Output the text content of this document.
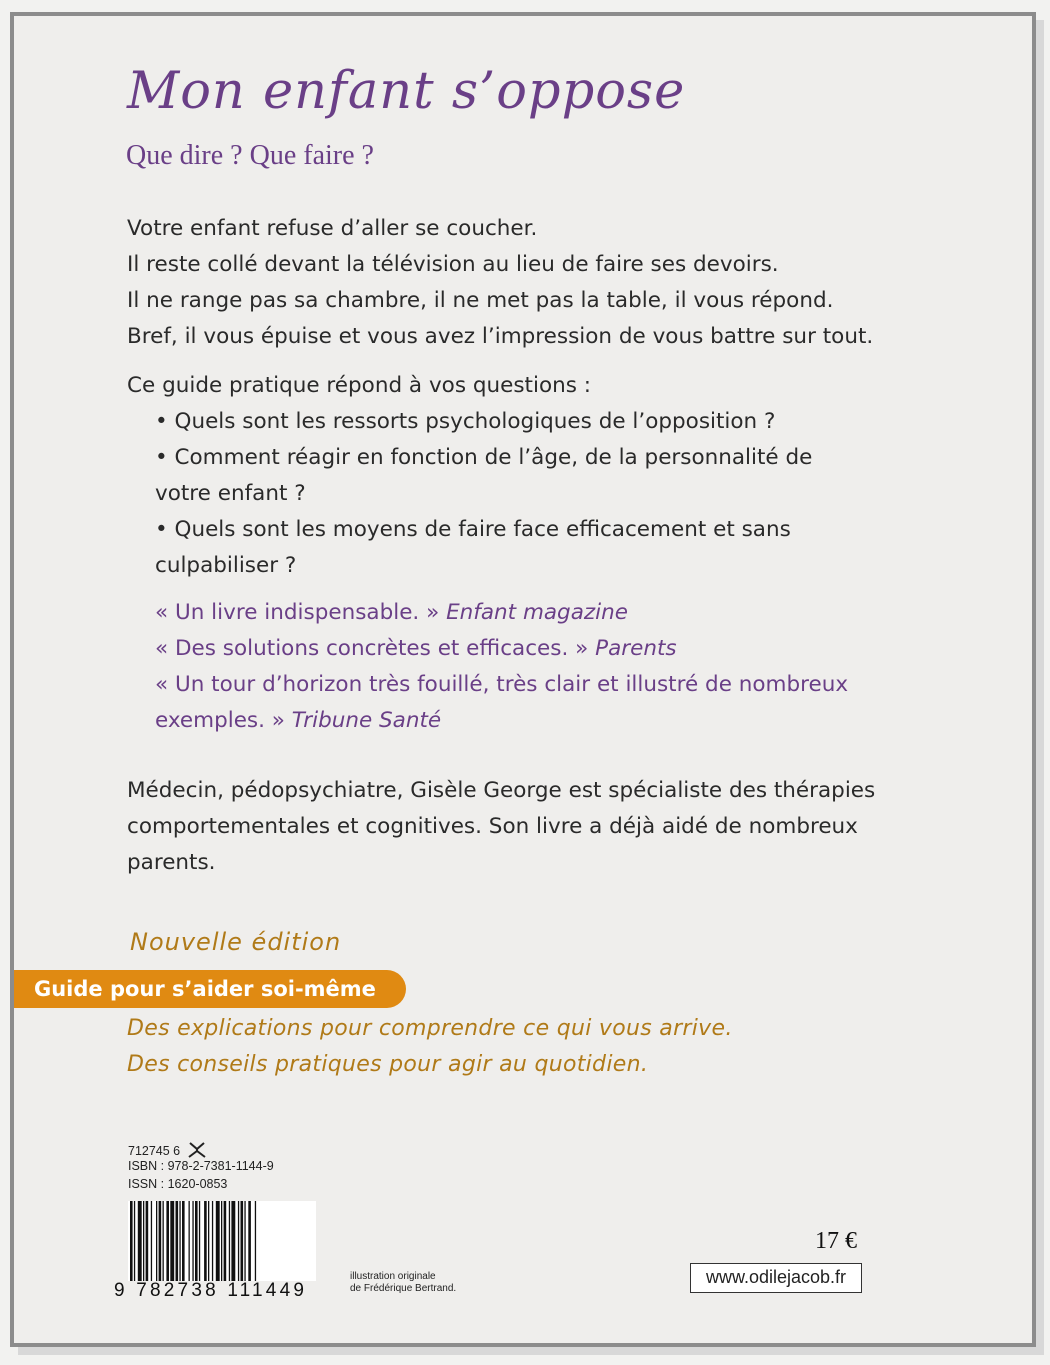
Mon enfant s’oppose
Que dire ? Que faire ?
Votre enfant refuse d’aller se coucher.
Il reste collé devant la télévision au lieu de faire ses devoirs.
Il ne range pas sa chambre, il ne met pas la table, il vous répond.
Bref, il vous épuise et vous avez l’impression de vous battre sur tout.
Ce guide pratique répond à vos questions :
• Quels sont les ressorts psychologiques de l’opposition ?
• Comment réagir en fonction de l’âge, de la personnalité de
votre enfant ?
• Quels sont les moyens de faire face efficacement et sans
culpabiliser ?
« Un livre indispensable. » Enfant magazine
« Des solutions concrètes et efficaces. » Parents
« Un tour d’horizon très fouillé, très clair et illustré de nombreux
exemples. » Tribune Santé
Médecin, pédopsychiatre, Gisèle George est spécialiste des thérapies
comportementales et cognitives. Son livre a déjà aidé de nombreux
parents.
Nouvelle édition
Guide pour s’aider soi-même
Des explications pour comprendre ce qui vous arrive.
Des conseils pratiques pour agir au quotidien.
712745 6
ISBN : 978-2-7381-1144-9
ISSN : 1620-0853
9 782738 111449
illustration originale
de Frédérique Bertrand.
17 €
www.odilejacob.fr
